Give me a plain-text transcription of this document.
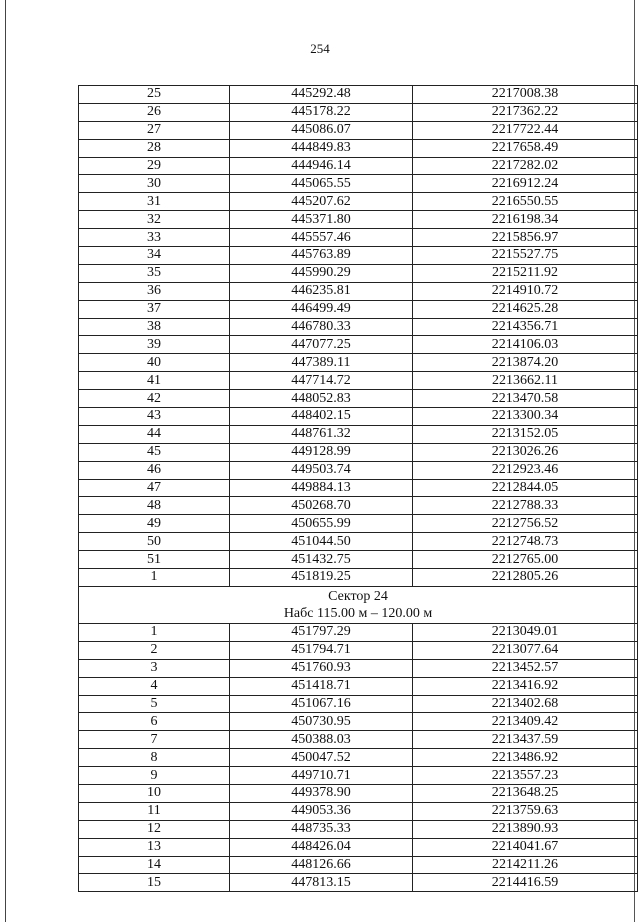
254
25	445292.48	2217008.38
26	445178.22	2217362.22
27	445086.07	2217722.44
28	444849.83	2217658.49
29	444946.14	2217282.02
30	445065.55	2216912.24
31	445207.62	2216550.55
32	445371.80	2216198.34
33	445557.46	2215856.97
34	445763.89	2215527.75
35	445990.29	2215211.92
36	446235.81	2214910.72
37	446499.49	2214625.28
38	446780.33	2214356.71
39	447077.25	2214106.03
40	447389.11	2213874.20
41	447714.72	2213662.11
42	448052.83	2213470.58
43	448402.15	2213300.34
44	448761.32	2213152.05
45	449128.99	2213026.26
46	449503.74	2212923.46
47	449884.13	2212844.05
48	450268.70	2212788.33
49	450655.99	2212756.52
50	451044.50	2212748.73
51	451432.75	2212765.00
1	451819.25	2212805.26

Сектор 24
Набс 115.00 м – 120.00 м		

1	451797.29	2213049.01
2	451794.71	2213077.64
3	451760.93	2213452.57
4	451418.71	2213416.92
5	451067.16	2213402.68
6	450730.95	2213409.42
7	450388.03	2213437.59
8	450047.52	2213486.92
9	449710.71	2213557.23
10	449378.90	2213648.25
11	449053.36	2213759.63
12	448735.33	2213890.93
13	448426.04	2214041.67
14	448126.66	2214211.26
15	447813.15	2214416.59
